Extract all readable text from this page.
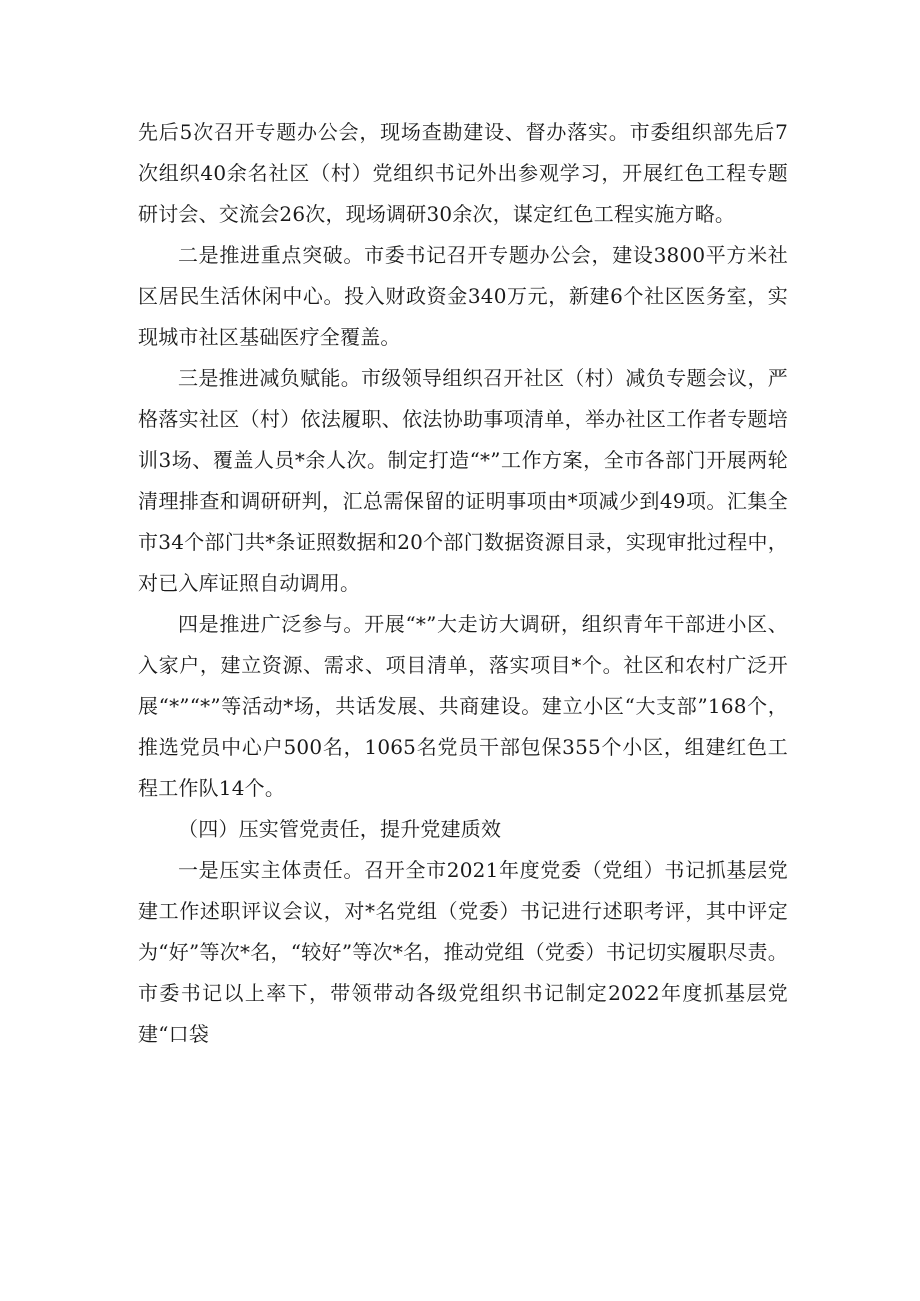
先后5次召开专题办公会，现场查勘建设、督办落实。市委组织部先后7次组织40余名社区（村）党组织书记外出参观学习，开展红色工程专题研讨会、交流会26次，现场调研30余次，谋定红色工程实施方略。

二是推进重点突破。市委书记召开专题办公会，建设3800平方米社区居民生活休闲中心。投入财政资金340万元，新建6个社区医务室，实现城市社区基础医疗全覆盖。

三是推进减负赋能。市级领导组织召开社区（村）减负专题会议，严格落实社区（村）依法履职、依法协助事项清单，举办社区工作者专题培训3场、覆盖人员*余人次。制定打造“*”工作方案，全市各部门开展两轮清理排查和调研研判，汇总需保留的证明事项由*项减少到49项。汇集全市34个部门共*条证照数据和20个部门数据资源目录，实现审批过程中，对已入库证照自动调用。

四是推进广泛参与。开展“*”大走访大调研，组织青年干部进小区、入家户，建立资源、需求、项目清单，落实项目*个。社区和农村广泛开展“*”“*”等活动*场，共话发展、共商建设。建立小区“大支部”168个，推选党员中心户500名，1065名党员干部包保355个小区，组建红色工程工作队14个。

（四）压实管党责任，提升党建质效

一是压实主体责任。召开全市2021年度党委（党组）书记抓基层党建工作述职评议会议，对*名党组（党委）书记进行述职考评，其中评定为“好”等次*名，“较好”等次*名，推动党组（党委）书记切实履职尽责。市委书记以上率下，带领带动各级党组织书记制定2022年度抓基层党建“口袋
